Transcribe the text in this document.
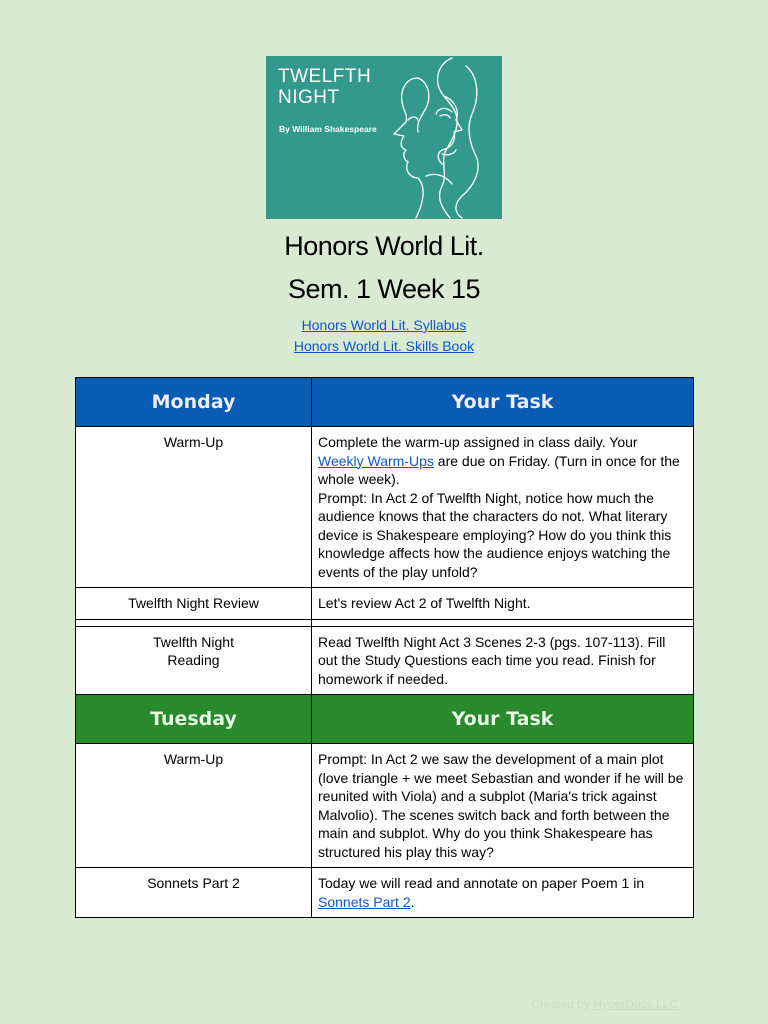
TWELFTH
NIGHT
By William Shakespeare
Honors World Lit.
Sem. 1 Week 15
Honors World Lit. Syllabus
Honors World Lit. Skills Book
Monday	Your Task
Warm-Up	Complete the warm-up assigned in class daily. Your Weekly Warm-Ups are due on Friday. (Turn in once for the whole week).
Prompt: In Act 2 of Twelfth Night, notice how much the audience knows that the characters do not. What literary device is Shakespeare employing? How do you think this knowledge affects how the audience enjoys watching the events of the play unfold?
Twelfth Night Review	Let's review Act 2 of Twelfth Night.

Twelfth Night
Reading	Read Twelfth Night Act 3 Scenes 2-3 (pgs. 107-113). Fill out the Study Questions each time you read. Finish for homework if needed.
Tuesday	Your Task
Warm-Up	Prompt: In Act 2 we saw the development of a main plot (love triangle + we meet Sebastian and wonder if he will be reunited with Viola) and a subplot (Maria's trick against Malvolio). The scenes switch back and forth between the main and subplot. Why do you think Shakespeare has structured his play this way?
Sonnets Part 2	Today we will read and annotate on paper Poem 1 in Sonnets Part 2.
Created by HyperDocs LLC
